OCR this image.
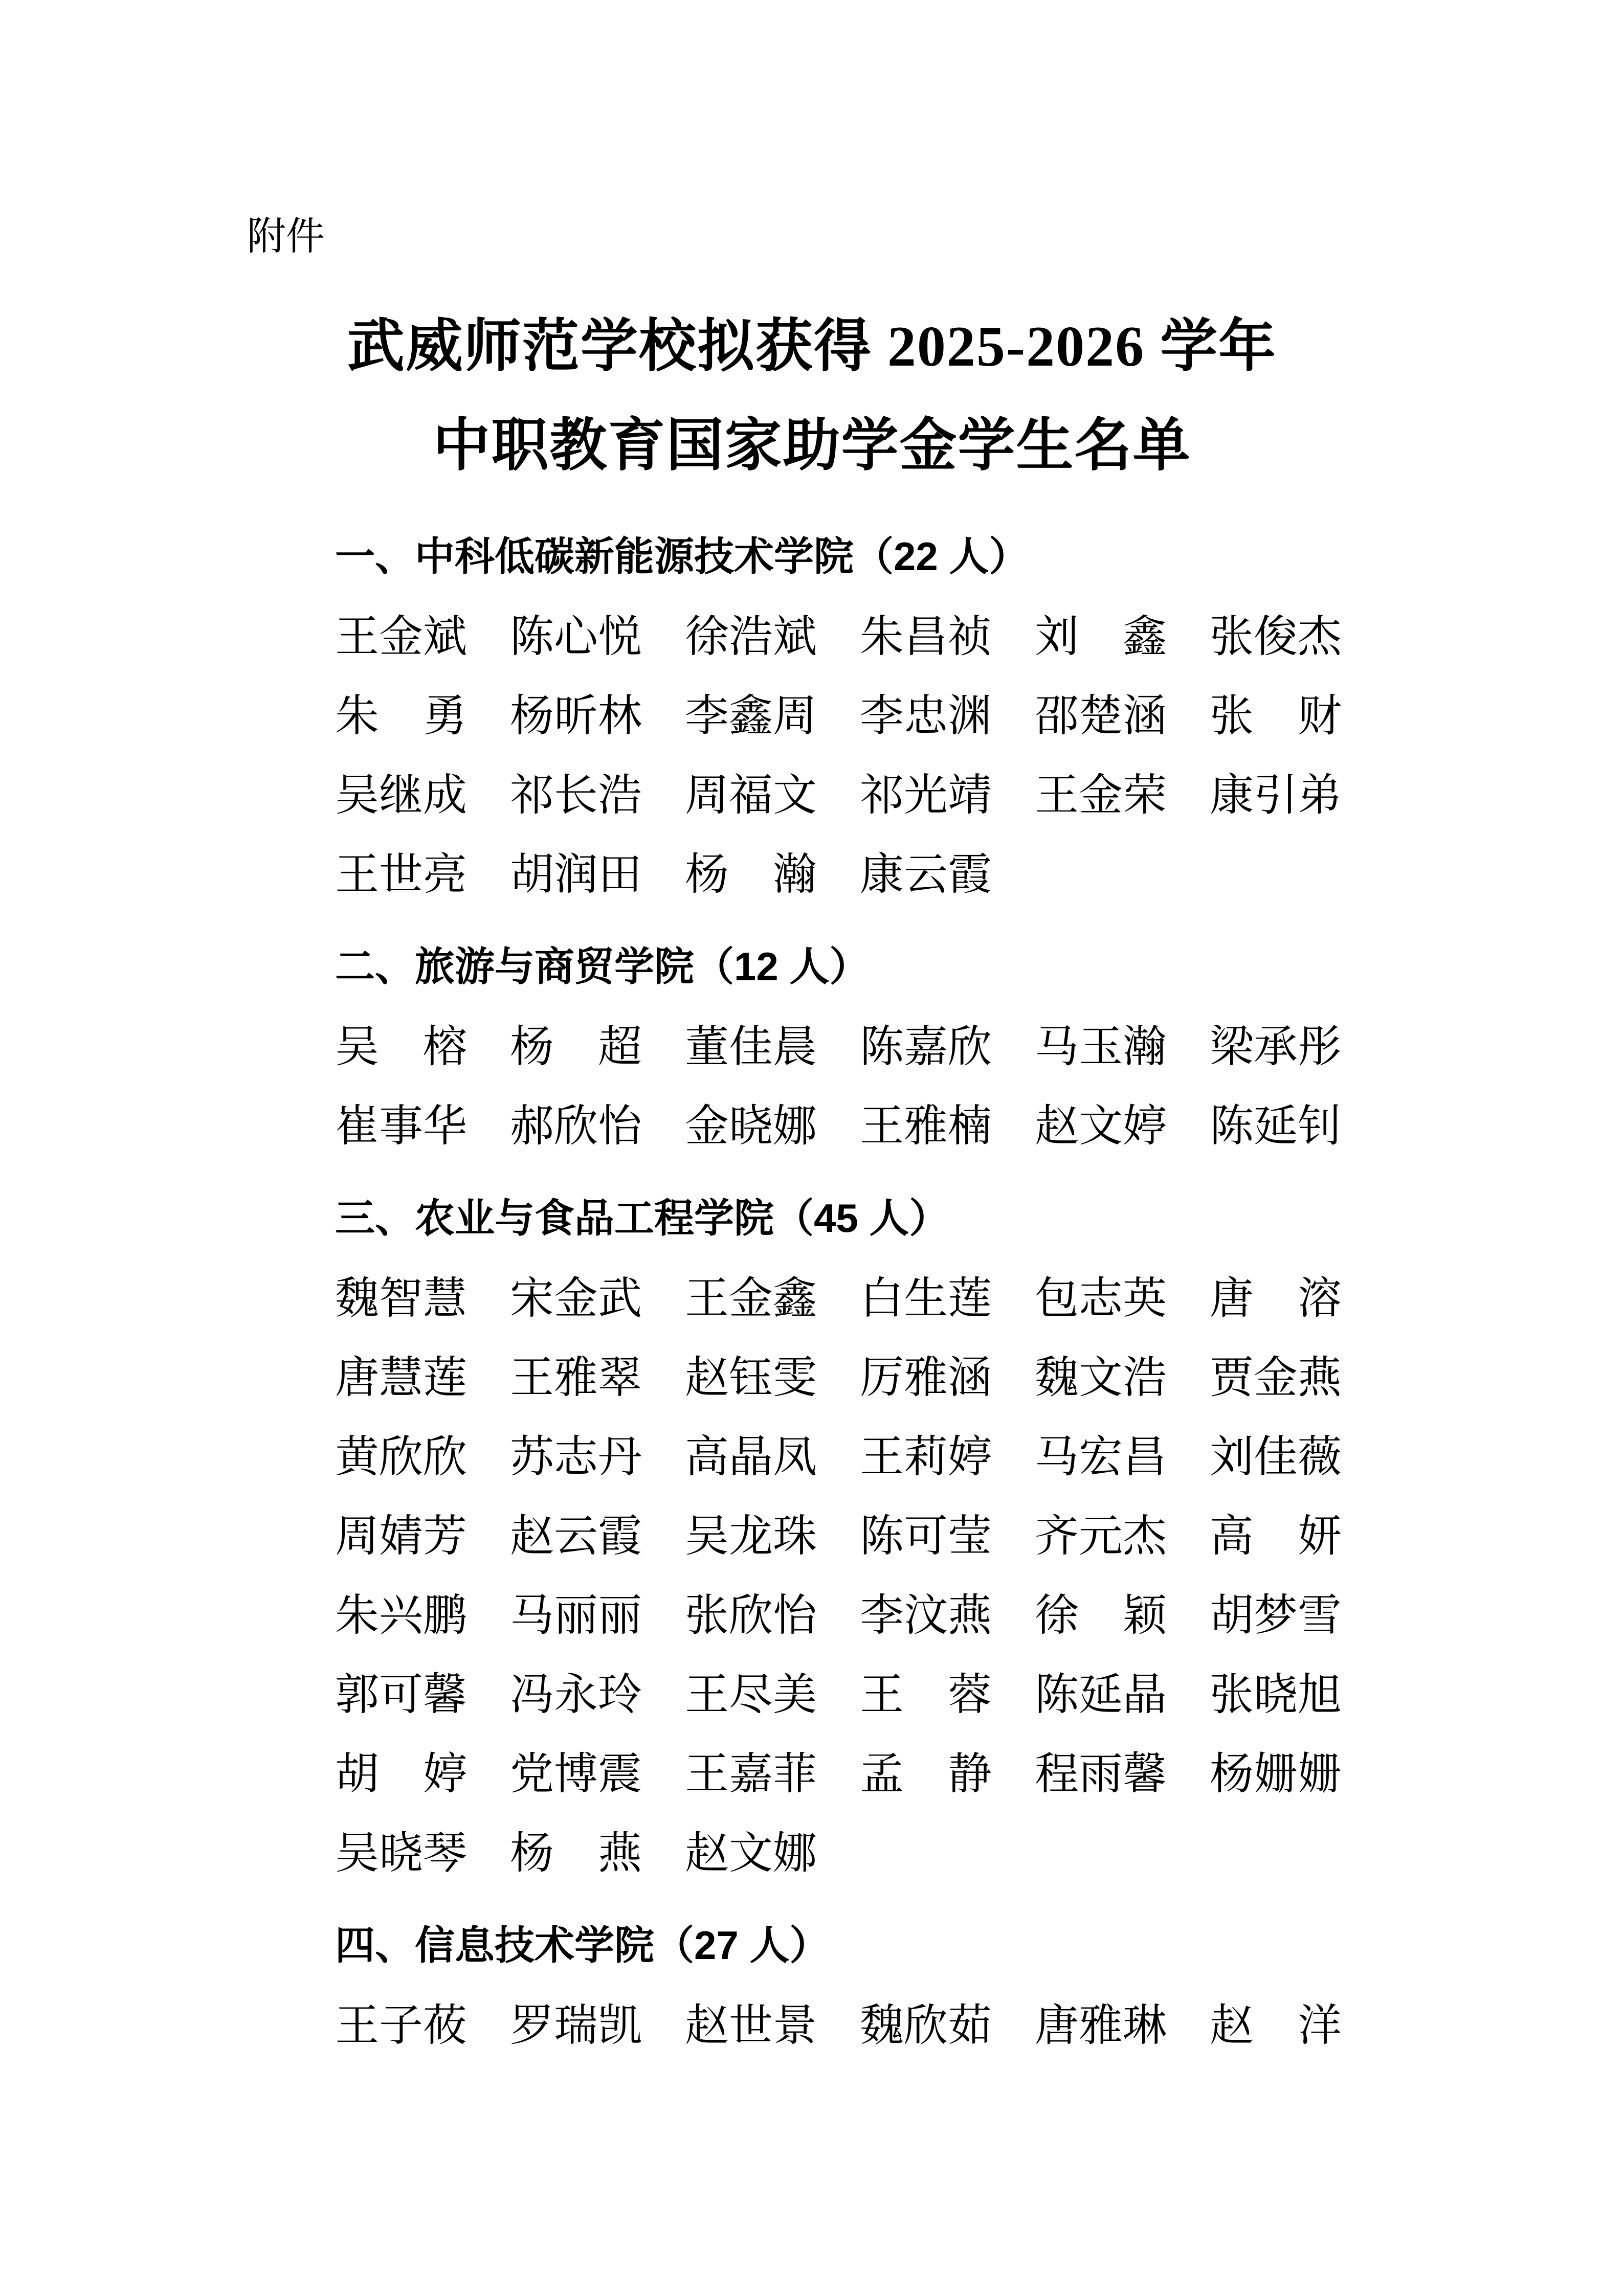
附件
武威师范学校拟获得 2025-2026 学年
中职教育国家助学金学生名单
一、中科低碳新能源技术学院（22 人）
王金斌 陈心悦 徐浩斌 朱昌祯 刘　鑫 张俊杰
朱　勇 杨昕林 李鑫周 李忠渊 邵楚涵 张　财
吴继成 祁长浩 周福文 祁光靖 王金荣 康引弟
王世亮 胡润田 杨　瀚 康云霞
二、旅游与商贸学院（12 人）
吴　榕 杨　超 董佳晨 陈嘉欣 马玉瀚 梁承彤
崔事华 郝欣怡 金晓娜 王雅楠 赵文婷 陈延钊
三、农业与食品工程学院（45 人）
魏智慧 宋金武 王金鑫 白生莲 包志英 唐　溶
唐慧莲 王雅翠 赵钰雯 厉雅涵 魏文浩 贾金燕
黄欣欣 苏志丹 高晶凤 王莉婷 马宏昌 刘佳薇
周婧芳 赵云霞 吴龙珠 陈可莹 齐元杰 高　妍
朱兴鹏 马丽丽 张欣怡 李汶燕 徐　颖 胡梦雪
郭可馨 冯永玲 王尽美 王　蓉 陈延晶 张晓旭
胡　婷 党博震 王嘉菲 孟　静 程雨馨 杨姗姗
吴晓琴 杨　燕 赵文娜
四、信息技术学院（27 人）
王子莜 罗瑞凯 赵世景 魏欣茹 唐雅琳 赵　洋
